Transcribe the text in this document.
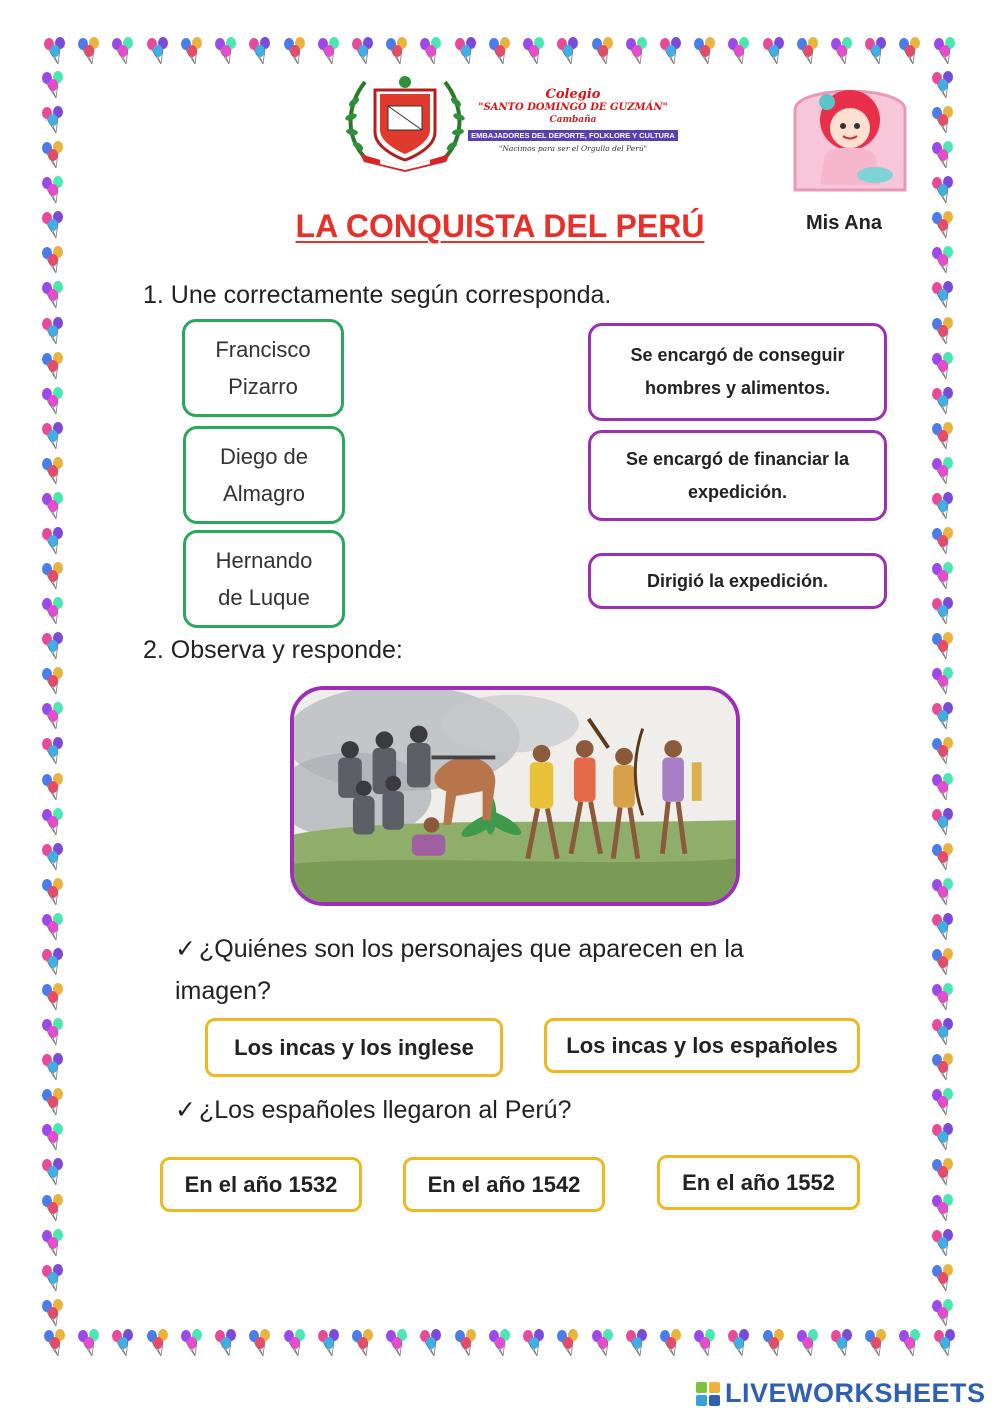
Colegio
"SANTO DOMINGO DE GUZMÁN"
Cambaña
EMBAJADORES DEL DEPORTE, FOLKLORE Y CULTURA
"Nacimos para ser el Orgullo del Perú"
Mis Ana
LA CONQUISTA DEL PERÚ
1. Une correctamente según corresponda.
Francisco
Pizarro
Diego de
Almagro
Hernando
de Luque
Se encargó de conseguir
hombres y alimentos.
Se encargó de financiar la
expedición.
Dirigió la expedición.
2. Observa y responde:
✓ ¿Quiénes son los personajes que aparecen en la imagen?
Los incas y los inglese	Los incas y los españoles
✓ ¿Los españoles llegaron al Perú?
En el año 1532	En el año 1542	En el año 1552
LIVEWORKSHEETS
